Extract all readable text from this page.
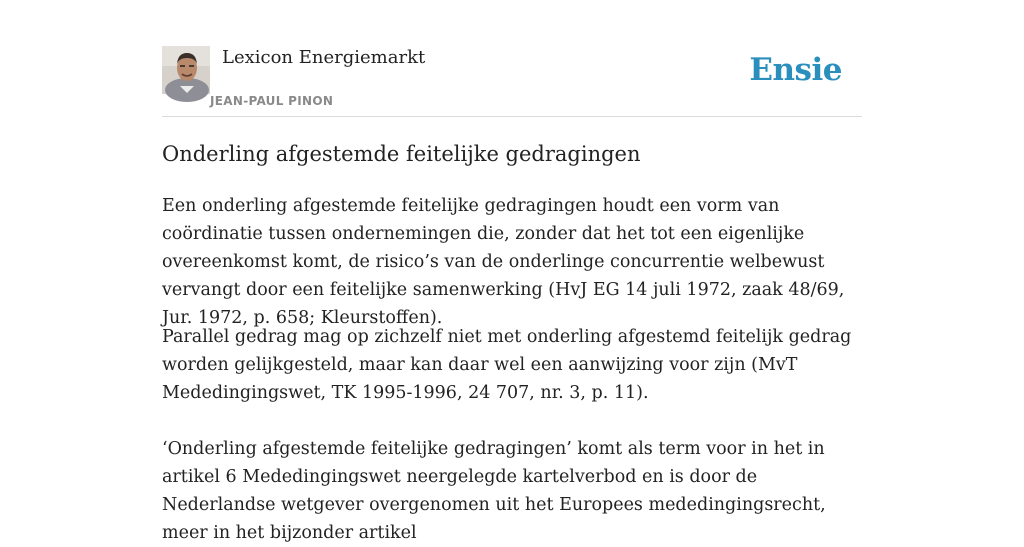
Lexicon Energiemarkt
JEAN-PAUL PINON
Ensie
Onderling afgestemde feitelijke gedragingen

Een onderling afgestemde feitelijke gedragingen houdt een vorm van coördinatie tussen ondernemingen die, zonder dat het tot een eigenlijke overeenkomst komt, de risico’s van de onderlinge concurrentie welbewust vervangt door een feitelijke samenwerking (HvJ EG 14 juli 1972, zaak 48/69, Jur. 1972, p. 658; Kleurstoffen).

Parallel gedrag mag op zichzelf niet met onderling afgestemd feitelijk gedrag worden gelijkgesteld, maar kan daar wel een aanwijzing voor zijn (MvT Mededingingswet, TK 1995-1996, 24 707, nr. 3, p. 11).

‘Onderling afgestemde feitelijke gedragingen’ komt als term voor in het in artikel 6 Mededingingswet neergelegde kartelverbod en is door de Nederlandse wetgever overgenomen uit het Europees mededingingsrecht, meer in het bijzonder artikel
